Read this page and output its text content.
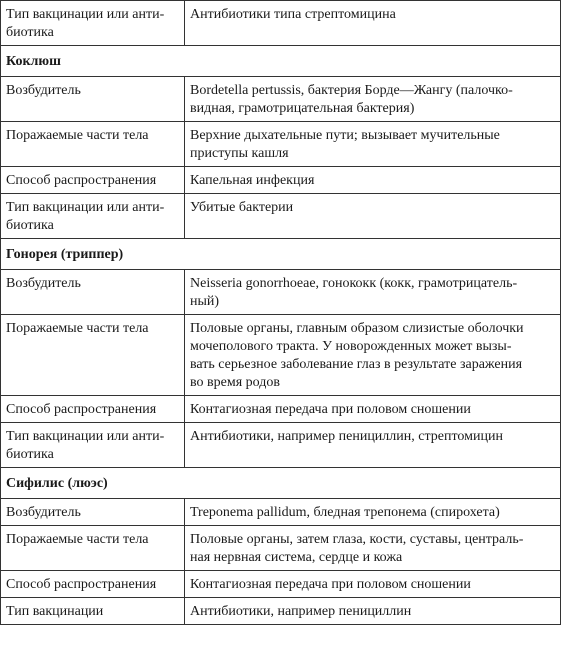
Тип вакцинации или анти-
биотика	Антибиотики типа стрептомицина
Коклюш	
Возбудитель	Bordetella pertussis, бактерия Борде—Жангу (палочко-
видная, грамотрицательная бактерия)
Поражаемые части тела	Верхние дыхательные пути; вызывает мучительные
приступы кашля
Способ распространения	Капельная инфекция
Тип вакцинации или анти-
биотика	Убитые бактерии
Гонорея (триппер)	
Возбудитель	Neisseria gonorrhoeae, гонококк (кокк, грамотрицатель-
ный)
Поражаемые части тела	Половые органы, главным образом слизистые оболочки
мочеполового тракта. У новорожденных может вызы-
вать серьезное заболевание глаз в результате заражения
во время родов
Способ распространения	Контагиозная передача при половом сношении
Тип вакцинации или анти-
биотика	Антибиотики, например пенициллин, стрептомицин
Сифилис (люэс)	
Возбудитель	Treponema pallidum, бледная трепонема (спирохета)
Поражаемые части тела	Половые органы, затем глаза, кости, суставы, централь-
ная нервная система, сердце и кожа
Способ распространения	Контагиозная передача при половом сношении
Тип вакцинации	Антибиотики, например пенициллин
